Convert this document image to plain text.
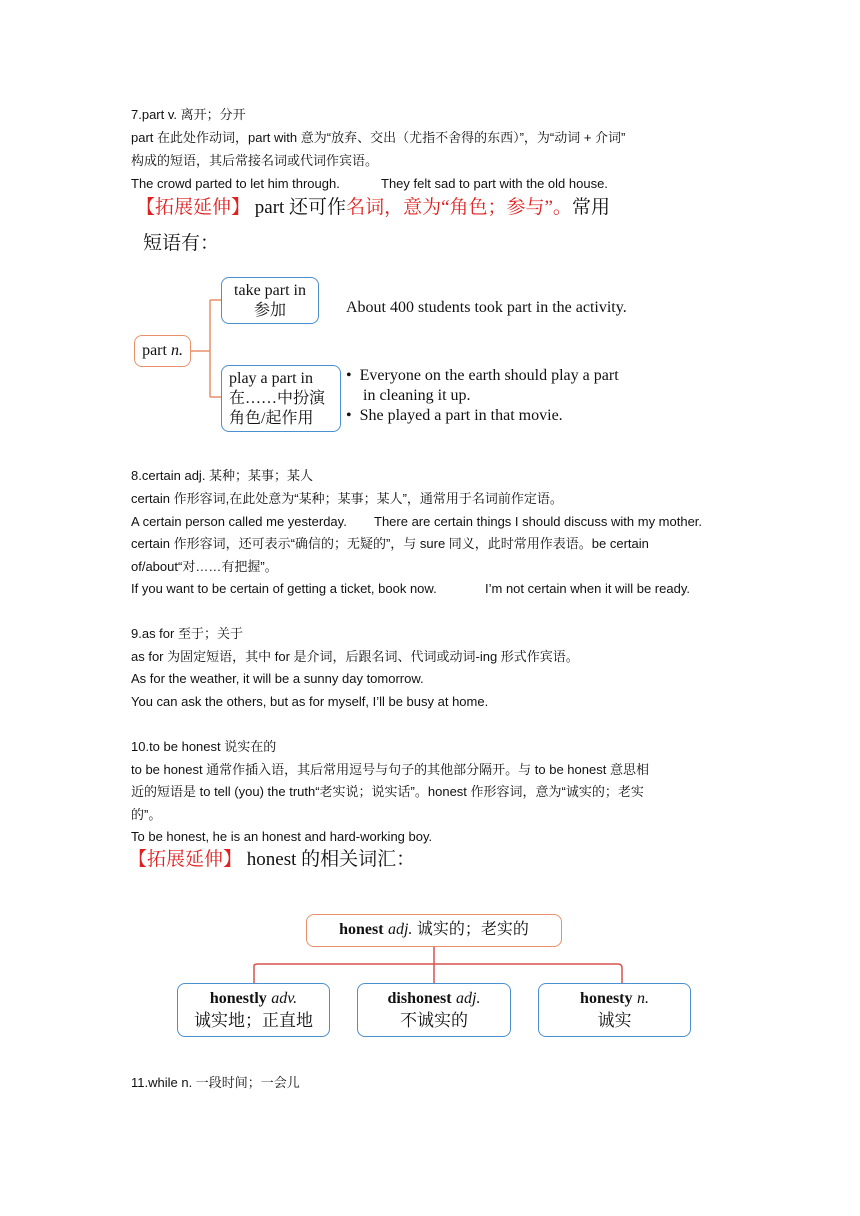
7.part v. 离开；分开
part 在此处作动词，part with 意为“放弃、交出（尤指不舍得的东西）”，为“动词 + 介词”
构成的短语，其后常接名词或代词作宾语。
The crowd parted to let him through.	They felt sad to part with the old house.
【拓展延伸】 part 还可作名词，意为“角色；参与”。常用
短语有：
part n.
take part in
参加	About 400 students took part in the activity.
play a part in
在……中扮演
角色/起作用
• Everyone on the earth should play a part
in cleaning it up.
• She played a part in that movie.
8.certain adj. 某种；某事；某人
certain 作形容词,在此处意为“某种；某事；某人”，通常用于名词前作定语。
A certain person called me yesterday. There are certain things I should discuss with my mother.
certain 作形容词，还可表示“确信的；无疑的”，与 sure 同义，此时常用作表语。be certain
of/about“对……有把握”。
If you want to be certain of getting a ticket, book now.	I’m not certain when it will be ready.
9.as for 至于；关于
as for 为固定短语，其中 for 是介词，后跟名词、代词或动词-ing 形式作宾语。
As for the weather, it will be a sunny day tomorrow.
You can ask the others, but as for myself, I’ll be busy at home.
10.to be honest 说实在的
to be honest 通常作插入语，其后常用逗号与句子的其他部分隔开。与 to be honest 意思相
近的短语是 to tell (you) the truth“老实说；说实话”。honest 作形容词，意为“诚实的；老实
的”。
To be honest, he is an honest and hard-working boy.
【拓展延伸】 honest 的相关词汇：
honest adj. 诚实的；老实的
honestly adv.
诚实地；正直地
dishonest adj.
不诚实的
honesty n.
诚实
11.while n. 一段时间；一会儿
